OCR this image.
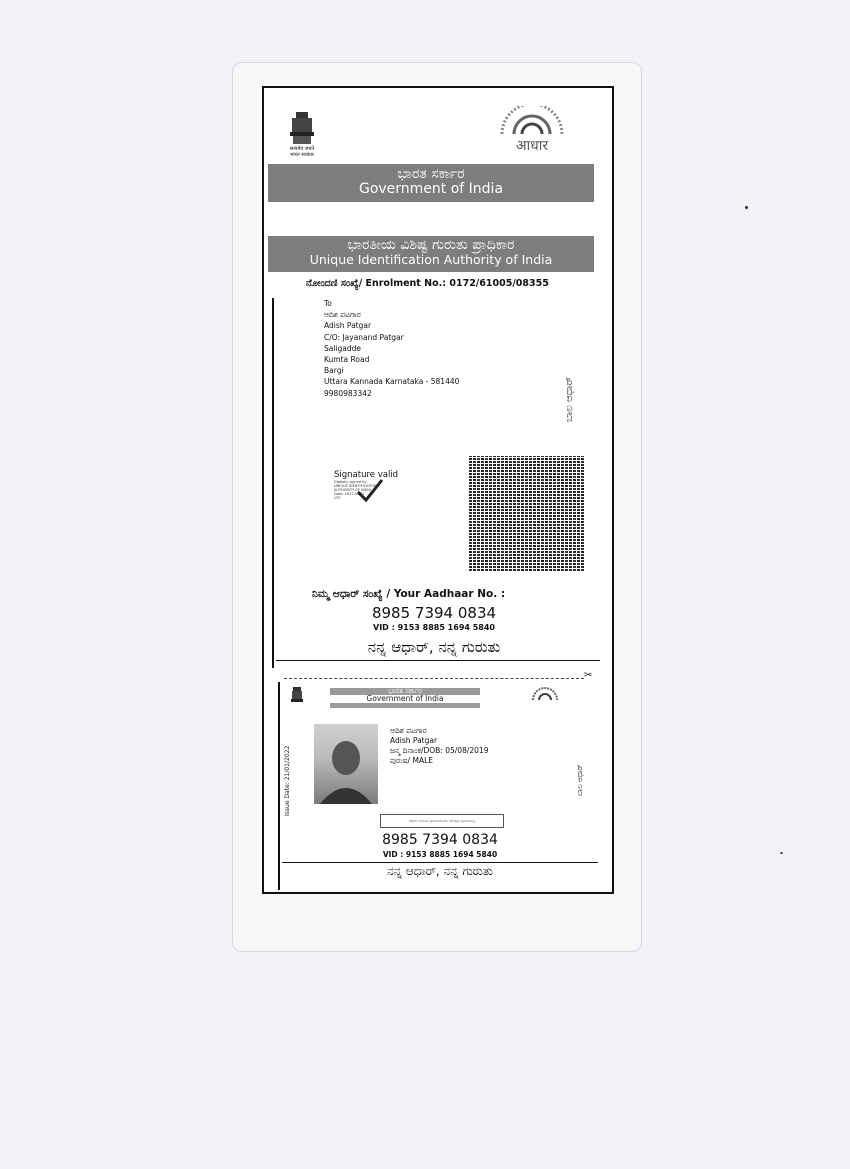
सत्यमेव जयते
भारत सरकार
आधार
ಭಾರತ ಸರ್ಕಾರ
Government of India
ಭಾರತೀಯ ವಿಶಿಷ್ಟ ಗುರುತು ಪ್ರಾಧಿಕಾರ
Unique Identification Authority of India
ನೋಂದಣಿ ಸಂಖ್ಯೆ/ Enrolment No.: 0172/61005/08355
To
ಆದಿಶ ಪಟಗಾರ
Adish Patgar
C/O: Jayanand Patgar
Saligadde
Kumta Road
Bargi
Uttara Kannada Karnataka - 581440
9980983342	ಬಾಲ ಆಧಾರ್
Signature valid
Digitally signed by
UNIQUE IDENTIFICATION
AUTHORITY OF INDIA
Date: 2022.01.21
UTC
ನಿಮ್ಮ ಆಧಾರ್ ಸಂಖ್ಯೆ / Your Aadhaar No. :
8985 7394 0834
VID : 9153 8885 1694 5840
ನನ್ನ ಆಧಾರ್, ನನ್ನ ಗುರುತು
✂
ಭಾರತ ಸರ್ಕಾರ
Government of India
Issue Date: 21/01/2022
ಆದಿಶ ಪಟಗಾರ
Adish Patgar
ಜನ್ಮ ದಿನಾಂಕ/DOB: 05/08/2019
ಪುರುಷ/ MALE
ಬಾಲ ಆಧಾರ್
ಆಧಾರ್ ಗುರುತಿನ ಪುರಾವೆಯಾಗಿದೆ, ಪೌರತ್ವದ ಪುರಾವೆಯಲ್ಲ
8985 7394 0834
VID : 9153 8885 1694 5840
ನನ್ನ ಆಧಾರ್, ನನ್ನ ಗುರುತು
